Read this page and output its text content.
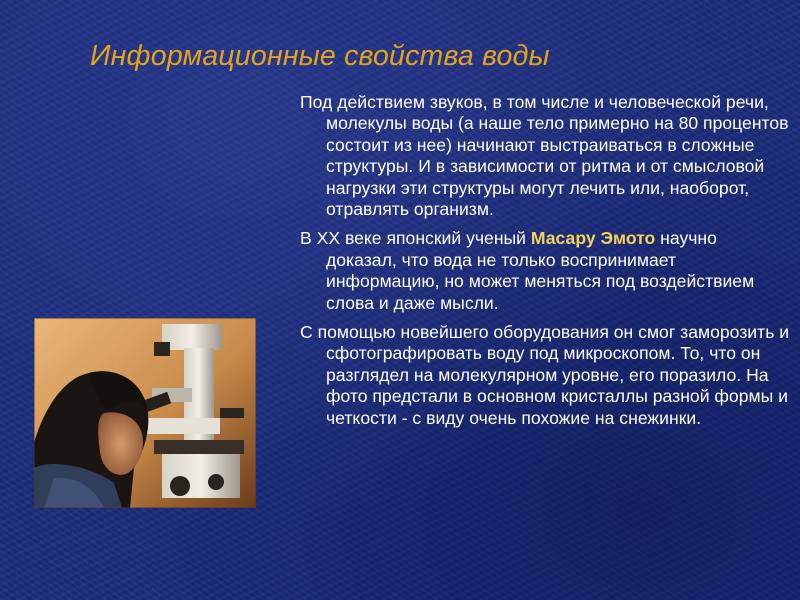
Информационные свойства воды

Под действием звуков, в том числе и человеческой речи, молекулы воды (а наше тело примерно на 80 процентов состоит из нее) начинают выстраиваться в сложные структуры. И в зависимости от ритма и от смысловой нагрузки эти структуры могут лечить или, наоборот, отравлять организм.

В XX веке японский ученый Масару Эмото научно доказал, что вода не только воспринимает информацию, но может меняться под воздействием слова и даже мысли.

С помощью новейшего оборудования он смог заморозить и сфотографировать воду под микроскопом. То, что он разглядел на молекулярном уровне, его поразило. На фото предстали в основном кристаллы разной формы и четкости - с виду очень похожие на снежинки.
